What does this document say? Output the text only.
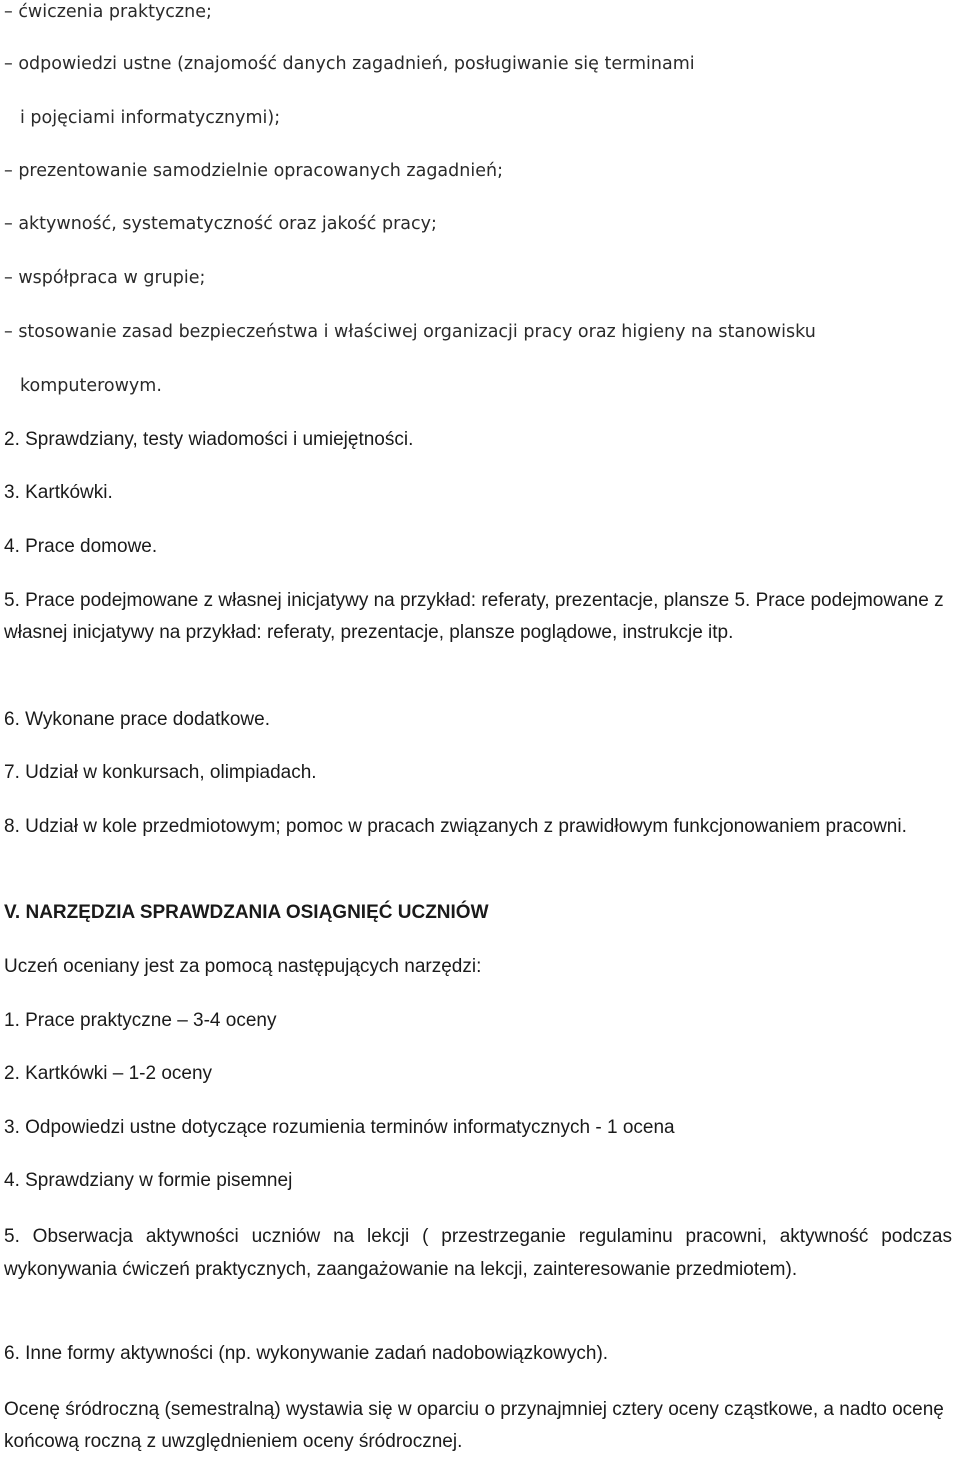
– ćwiczenia praktyczne;
– odpowiedzi ustne (znajomość danych zagadnień, posługiwanie się terminami
i pojęciami informatycznymi);
– prezentowanie samodzielnie opracowanych zagadnień;
– aktywność, systematyczność oraz jakość pracy;
– współpraca w grupie;
– stosowanie zasad bezpieczeństwa i właściwej organizacji pracy oraz higieny na stanowisku
komputerowym.
2. Sprawdziany, testy wiadomości i umiejętności.
3. Kartkówki.
4. Prace domowe.
5. Prace podejmowane z własnej inicjatywy na przykład: referaty, prezentacje, plansze 5. Prace podejmowane z własnej inicjatywy na przykład: referaty, prezentacje, plansze poglądowe, instrukcje itp.
6. Wykonane prace dodatkowe.
7. Udział w konkursach, olimpiadach.
8. Udział w kole przedmiotowym; pomoc w pracach związanych z prawidłowym funkcjonowaniem pracowni.
V. NARZĘDZIA SPRAWDZANIA OSIĄGNIĘĆ UCZNIÓW
Uczeń oceniany jest za pomocą następujących narzędzi:
1. Prace praktyczne – 3-4 oceny
2. Kartkówki – 1-2 oceny
3. Odpowiedzi ustne dotyczące rozumienia terminów informatycznych - 1 ocena
4. Sprawdziany w formie pisemnej
5. Obserwacja aktywności uczniów na lekcji ( przestrzeganie regulaminu pracowni, aktywność podczas wykonywania ćwiczeń praktycznych, zaangażowanie na lekcji, zainteresowanie przedmiotem).
6. Inne formy aktywności (np. wykonywanie zadań nadobowiązkowych).
Ocenę śródroczną (semestralną) wystawia się w oparciu o przynajmniej cztery oceny cząstkowe, a nadto ocenę końcową roczną z uwzględnieniem oceny śródrocznej.
